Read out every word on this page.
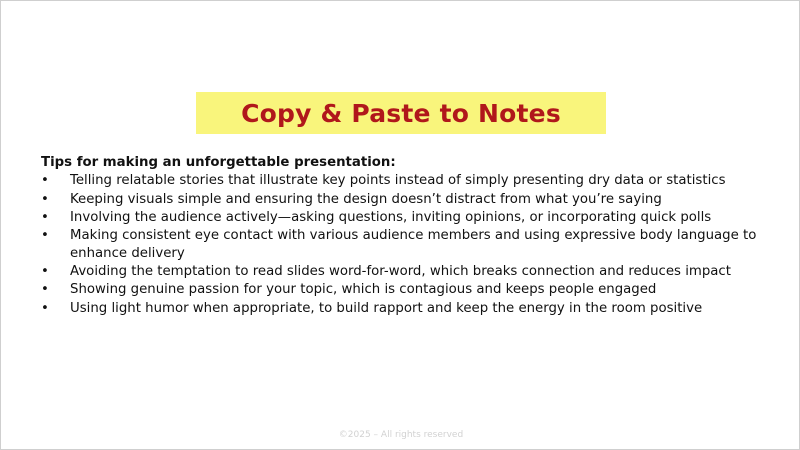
Copy & Paste to Notes
Tips for making an unforgettable presentation:
• Telling relatable stories that illustrate key points instead of simply presenting dry data or statistics
• Keeping visuals simple and ensuring the design doesn’t distract from what you’re saying
• Involving the audience actively—asking questions, inviting opinions, or incorporating quick polls
• Making consistent eye contact with various audience members and using expressive body language to enhance delivery
• Avoiding the temptation to read slides word-for-word, which breaks connection and reduces impact
• Showing genuine passion for your topic, which is contagious and keeps people engaged
• Using light humor when appropriate, to build rapport and keep the energy in the room positive
©2025 – All rights reserved
